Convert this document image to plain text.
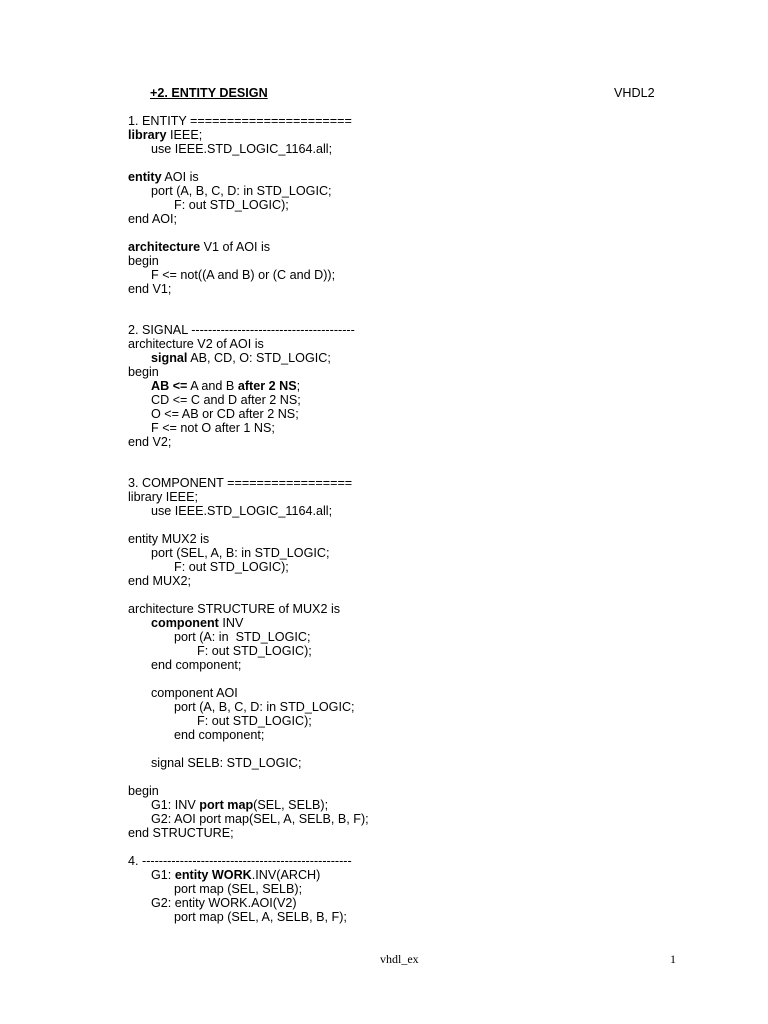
+2. ENTITY DESIGN	VHDL2
1. ENTITY ======================
library IEEE;
use IEEE.STD_LOGIC_1164.all;
entity AOI is
port (A, B, C, D: in STD_LOGIC;
F: out STD_LOGIC);
end AOI;
architecture V1 of AOI is
begin
F <= not((A and B) or (C and D));
end V1;
2. SIGNAL ---------------------------------------
architecture V2 of AOI is
signal AB, CD, O: STD_LOGIC;
begin
AB <= A and B after 2 NS;
CD <= C and D after 2 NS;
O <= AB or CD after 2 NS;
F <= not O after 1 NS;
end V2;
3. COMPONENT =================
library IEEE;
use IEEE.STD_LOGIC_1164.all;
entity MUX2 is
port (SEL, A, B: in STD_LOGIC;
F: out STD_LOGIC);
end MUX2;
architecture STRUCTURE of MUX2 is
component INV
port (A: in  STD_LOGIC;
F: out STD_LOGIC);
end component;
component AOI
port (A, B, C, D: in STD_LOGIC;
F: out STD_LOGIC);
end component;
signal SELB: STD_LOGIC;
begin
G1: INV port map(SEL, SELB);
G2: AOI port map(SEL, A, SELB, B, F);
end STRUCTURE;
4. --------------------------------------------------
G1: entity WORK.INV(ARCH)
port map (SEL, SELB);
G2: entity WORK.AOI(V2)
port map (SEL, A, SELB, B, F);
vhdl_ex	1
